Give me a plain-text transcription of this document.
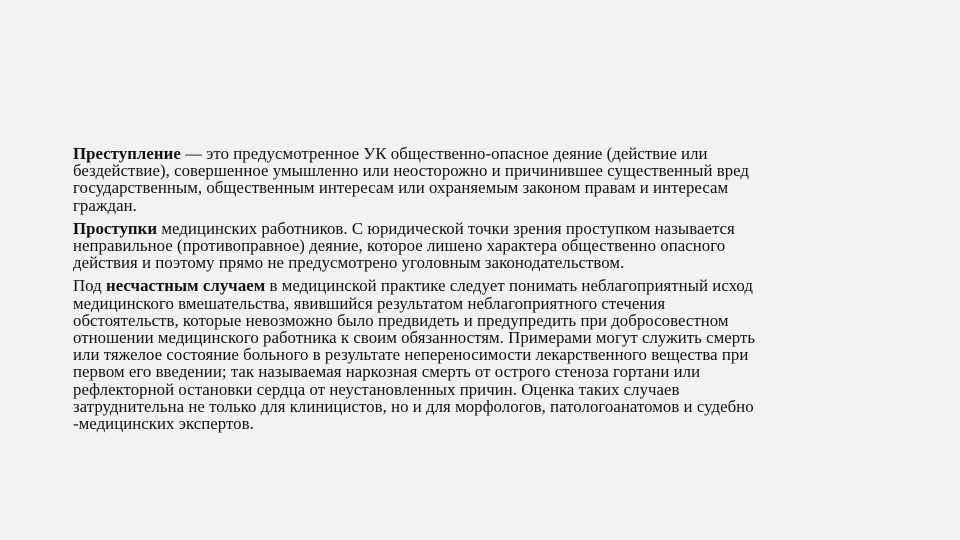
Преступление — это предусмотренное УК общественно-опасное деяние (действие или
бездействие), совершенное умышленно или неосторожно и причинившее существенный вред
государственным, общественным интересам или охраняемым законом правам и интересам
граждан.

Проступки медицинских работников. С юридической точки зрения проступком называется
неправильное (противоправное) деяние, которое лишено характера общественно опасного
действия и поэтому прямо не предусмотрено уголовным законодательством.

Под несчастным случаем в медицинской практике следует понимать неблагоприятный исход
медицинского вмешательства, явившийся результатом неблагоприятного стечения
обстоятельств, которые невозможно было предвидеть и предупредить при добросовестном
отношении медицинского работника к своим обязанностям. Примерами могут служить смерть
или тяжелое состояние больного в результате непереносимости лекарственного вещества при
первом его введении; так называемая наркозная смерть от острого стеноза гортани или
рефлекторной остановки сердца от неустановленных причин. Оценка таких случаев
затруднительна не только для клиницистов, но и для морфологов, патологоанатомов и судебно
-медицинских экспертов.
